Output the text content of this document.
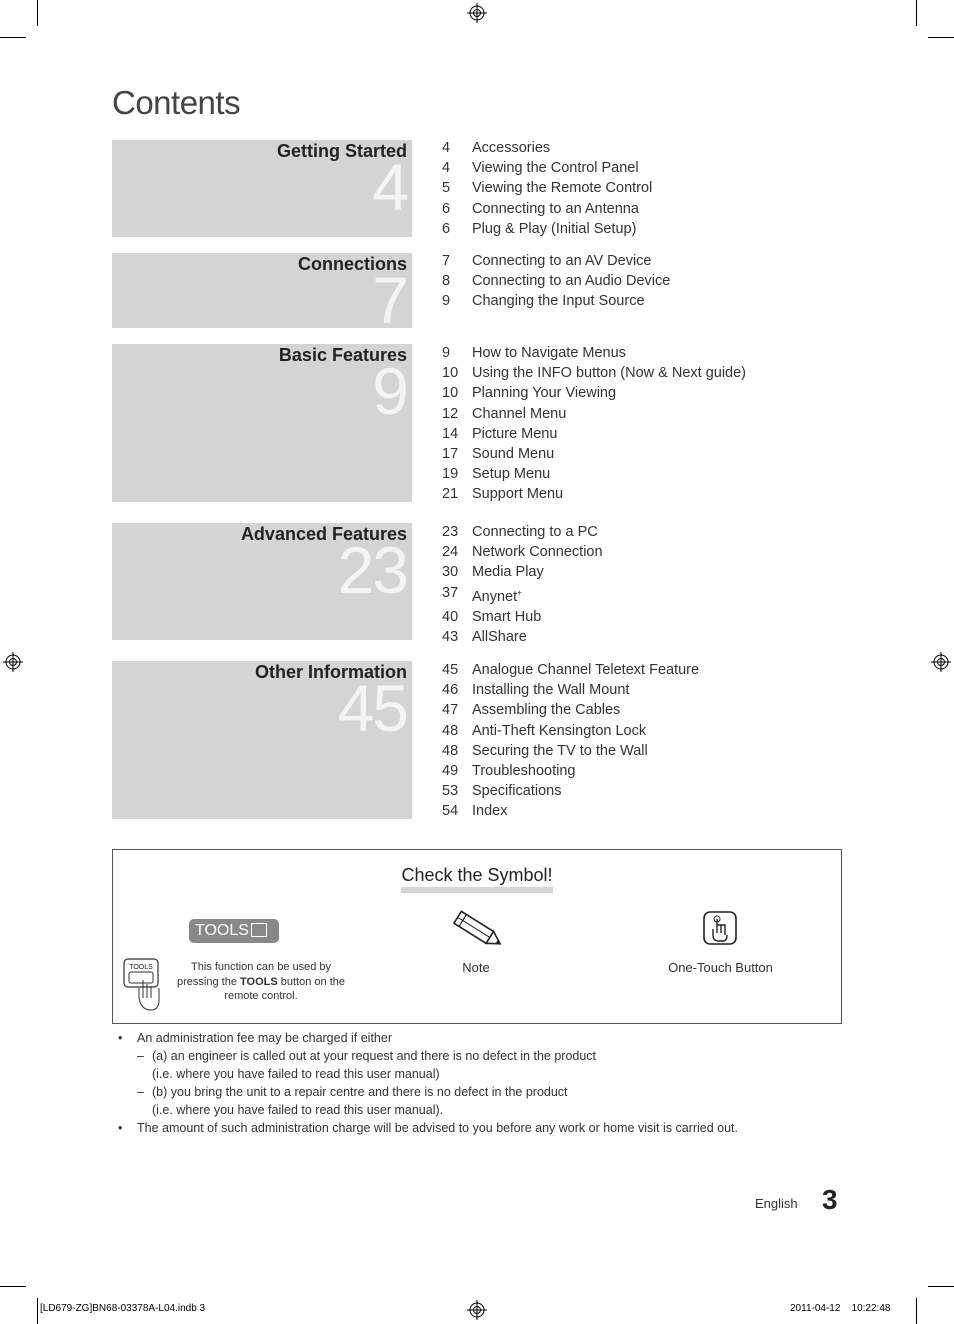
Contents
Getting Started
4
4	Accessories
4	Viewing the Control Panel
5	Viewing the Remote Control
6	Connecting to an Antenna
6	Plug & Play (Initial Setup)
Connections
7
7	Connecting to an AV Device
8	Connecting to an Audio Device
9	Changing the Input Source
Basic Features
9
9	How to Navigate Menus
10 Using the INFO button (Now & Next guide)
10 Planning Your Viewing
12 Channel Menu
14 Picture Menu
17 Sound Menu
19 Setup Menu
21 Support Menu
Advanced Features
23
23 Connecting to a PC
24 Network Connection
30 Media Play
37 Anynet+
40 Smart Hub
43 AllShare
Other Information
45
45 Analogue Channel Teletext Feature
46 Installing the Wall Mount
47 Assembling the Cables
48 Anti-Theft Kensington Lock
48 Securing the TV to the Wall
49 Troubleshooting
53 Specifications
54 Index
Check the Symbol!
TOOLS
TOOLS	This function can be used by pressing the TOOLS button on the remote control.
Note	One-Touch Button
• An administration fee may be charged if either
– (a) an engineer is called out at your request and there is no defect in the product
(i.e. where you have failed to read this user manual)
– (b) you bring the unit to a repair centre and there is no defect in the product
(i.e. where you have failed to read this user manual).
• The amount of such administration charge will be advised to you before any work or home visit is carried out.
English 3
[LD679-ZG]BN68-03378A-L04.indb 3	2011-04-12    10:22:48
